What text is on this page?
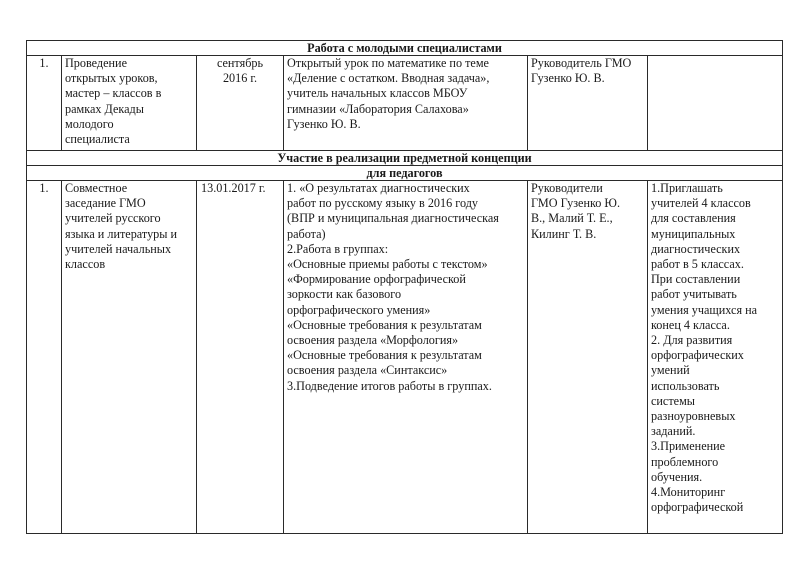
Работа с молодыми специалистами					
1.	Проведение
открытых уроков,
мастер – классов в
рамках Декады
молодого
специалиста

сентябрь
2016 г.

Открытый урок по математике по теме
«Деление с остатком. Вводная задача»,
учитель начальных классов МБОУ
гимназии «Лаборатория Салахова»
Гузенко Ю. В.

Руководитель ГМО
Гузенко Ю. В.

Участие в реализации предметной концепции					
для педагогов					
1.	Совместное
заседание ГМО
учителей русского
языка и литературы и
учителей начальных
классов

13.01.2017 г.	1. «О результатах диагностических
работ по русскому языку в 2016 году
(ВПР и муниципальная диагностическая
работа)
2.Работа в группах:
«Основные приемы работы с текстом»
«Формирование орфографической
зоркости как базового
орфографического умения»
«Основные требования к результатам
освоения раздела «Морфология»
«Основные требования к результатам
освоения раздела «Синтаксис»
3.Подведение итогов работы в группах.

Руководители
ГМО Гузенко Ю.
В., Малий Т. Е.,
Килинг Т. В.

1.Приглашать
учителей 4 классов
для составления
муниципальных
диагностических
работ в 5 классах.
При составлении
работ учитывать
умения учащихся на
конец 4 класса.
2. Для развития
орфографических
умений
использовать
системы
разноуровневых
заданий.
3.Применение
проблемного
обучения.
4.Мониторинг
орфографической
